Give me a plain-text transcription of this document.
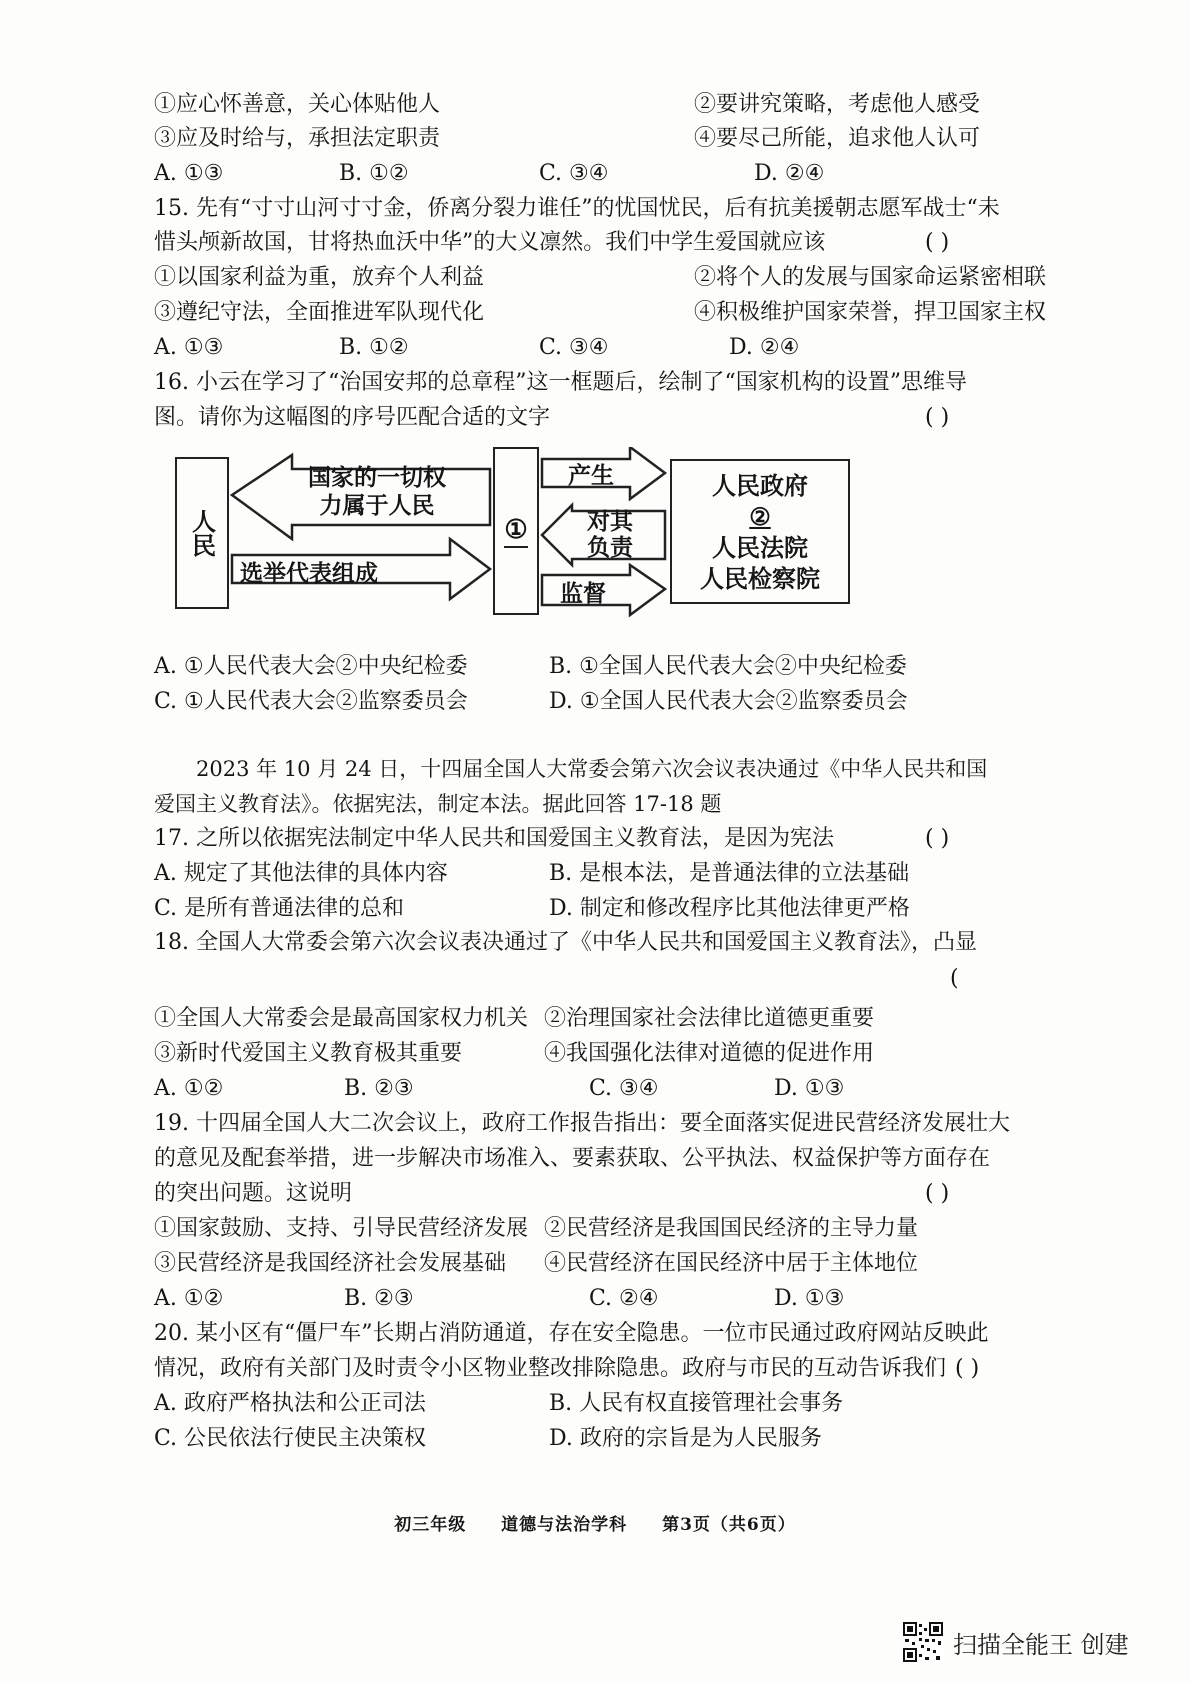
①应心怀善意，关心体贴他人	②要讲究策略，考虑他人感受
③应及时给与，承担法定职责	④要尽己所能，追求他人认可
A. ①③	B. ①②	C. ③④	D. ②④
15. 先有“寸寸山河寸寸金，侨离分裂力谁任”的忧国忧民，后有抗美援朝志愿军战士“未
惜头颅新故国，甘将热血沃中华”的大义凛然。我们中学生爱国就应该	( )
①以国家利益为重，放弃个人利益	②将个人的发展与国家命运紧密相联
③遵纪守法，全面推进军队现代化	④积极维护国家荣誉，捍卫国家主权
A. ①③	B. ①②	C. ③④	D. ②④
16. 小云在学习了“治国安邦的总章程”这一框题后，绘制了“国家机构的设置”思维导
图。请你为这幅图的序号匹配合适的文字	( )
人民
国家的一切权
力属于人民
选举代表组成
①
产生
对其
负责
监督
人民政府
②
人民法院
人民检察院
A. ①人民代表大会②中央纪检委	B. ①全国人民代表大会②中央纪检委
C. ①人民代表大会②监察委员会	D. ①全国人民代表大会②监察委员会
2023 年 10 月 24 日，十四届全国人大常委会第六次会议表决通过《中华人民共和国
爱国主义教育法》。依据宪法，制定本法。据此回答 17-18 题
17. 之所以依据宪法制定中华人民共和国爱国主义教育法，是因为宪法	( )
A. 规定了其他法律的具体内容	B. 是根本法，是普通法律的立法基础
C. 是所有普通法律的总和	D. 制定和修改程序比其他法律更严格
18. 全国人大常委会第六次会议表决通过了《中华人民共和国爱国主义教育法》，凸显
(
①全国人大常委会是最高国家权力机关 ②治理国家社会法律比道德更重要
③新时代爱国主义教育极其重要	④我国强化法律对道德的促进作用
A. ①②	B. ②③	C. ③④	D. ①③
19. 十四届全国人大二次会议上，政府工作报告指出：要全面落实促进民营经济发展壮大
的意见及配套举措，进一步解决市场准入、要素获取、公平执法、权益保护等方面存在
的突出问题。这说明	( )
①国家鼓励、支持、引导民营经济发展 ②民营经济是我国国民经济的主导力量
③民营经济是我国经济社会发展基础 ④民营经济在国民经济中居于主体地位
A. ①②	B. ②③	C. ②④	D. ①③
20. 某小区有“僵尸车”长期占消防通道，存在安全隐患。一位市民通过政府网站反映此
情况，政府有关部门及时责令小区物业整改排除隐患。政府与市民的互动告诉我们 ( )
A. 政府严格执法和公正司法	B. 人民有权直接管理社会事务
C. 公民依法行使民主决策权	D. 政府的宗旨是为人民服务
初三年级 道德与法治学科 第3页（共6页）
扫描全能王 创建
